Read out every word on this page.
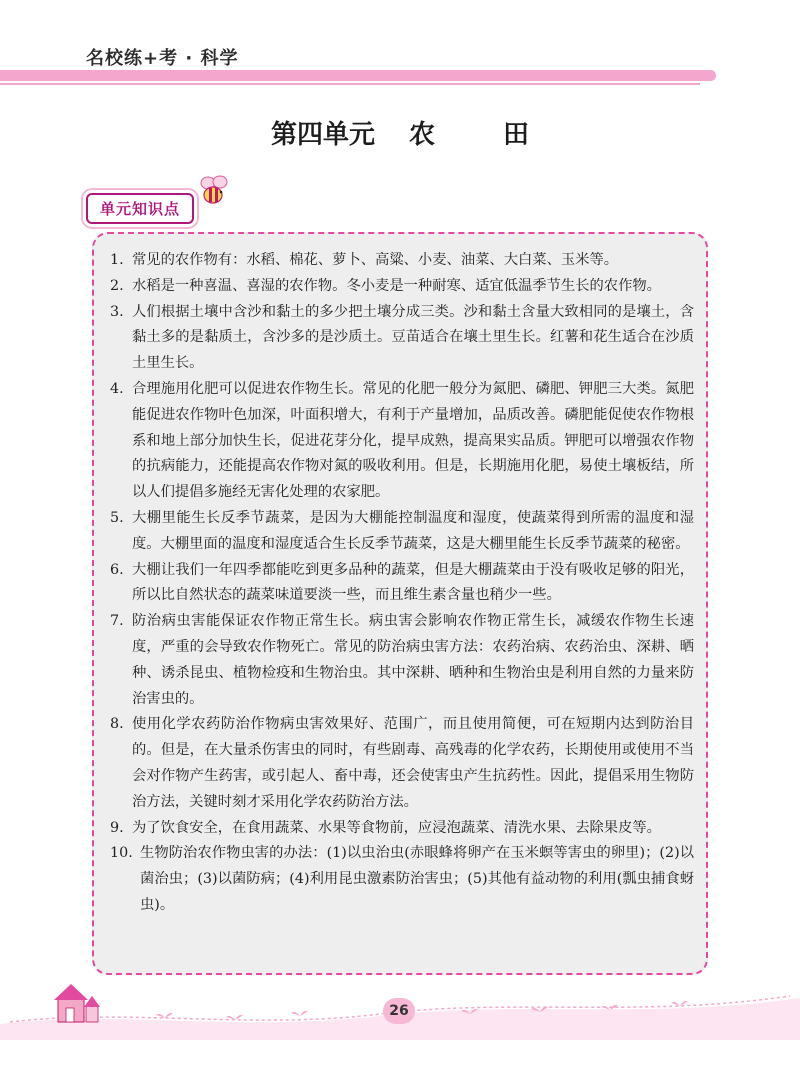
名校练+考 · 科学
第四单元 农	田
单元知识点
1. 常见的农作物有：水稻、棉花、萝卜、高粱、小麦、油菜、大白菜、玉米等。
2. 水稻是一种喜温、喜湿的农作物。冬小麦是一种耐寒、适宜低温季节生长的农作物。
3. 人们根据土壤中含沙和黏土的多少把土壤分成三类。沙和黏土含量大致相同的是壤土，含黏土多的是黏质土，含沙多的是沙质土。豆苗适合在壤土里生长。红薯和花生适合在沙质土里生长。
4. 合理施用化肥可以促进农作物生长。常见的化肥一般分为氮肥、磷肥、钾肥三大类。氮肥能促进农作物叶色加深，叶面积增大，有利于产量增加，品质改善。磷肥能促使农作物根系和地上部分加快生长，促进花芽分化，提早成熟，提高果实品质。钾肥可以增强农作物的抗病能力，还能提高农作物对氮的吸收利用。但是，长期施用化肥，易使土壤板结，所以人们提倡多施经无害化处理的农家肥。
5. 大棚里能生长反季节蔬菜，是因为大棚能控制温度和湿度，使蔬菜得到所需的温度和湿度。大棚里面的温度和湿度适合生长反季节蔬菜，这是大棚里能生长反季节蔬菜的秘密。
6. 大棚让我们一年四季都能吃到更多品种的蔬菜，但是大棚蔬菜由于没有吸收足够的阳光，所以比自然状态的蔬菜味道要淡一些，而且维生素含量也稍少一些。
7. 防治病虫害能保证农作物正常生长。病虫害会影响农作物正常生长，减缓农作物生长速度，严重的会导致农作物死亡。常见的防治病虫害方法：农药治病、农药治虫、深耕、晒种、诱杀昆虫、植物检疫和生物治虫。其中深耕、晒种和生物治虫是利用自然的力量来防治害虫的。
8. 使用化学农药防治作物病虫害效果好、范围广，而且使用简便，可在短期内达到防治目的。但是，在大量杀伤害虫的同时，有些剧毒、高残毒的化学农药，长期使用或使用不当会对作物产生药害，或引起人、畜中毒，还会使害虫产生抗药性。因此，提倡采用生物防治方法，关键时刻才采用化学农药防治方法。
9. 为了饮食安全，在食用蔬菜、水果等食物前，应浸泡蔬菜、清洗水果、去除果皮等。
10. 生物防治农作物虫害的办法：(1)以虫治虫(赤眼蜂将卵产在玉米螟等害虫的卵里)；(2)以菌治虫；(3)以菌防病；(4)利用昆虫激素防治害虫；(5)其他有益动物的利用(瓢虫捕食蚜虫)。
26
